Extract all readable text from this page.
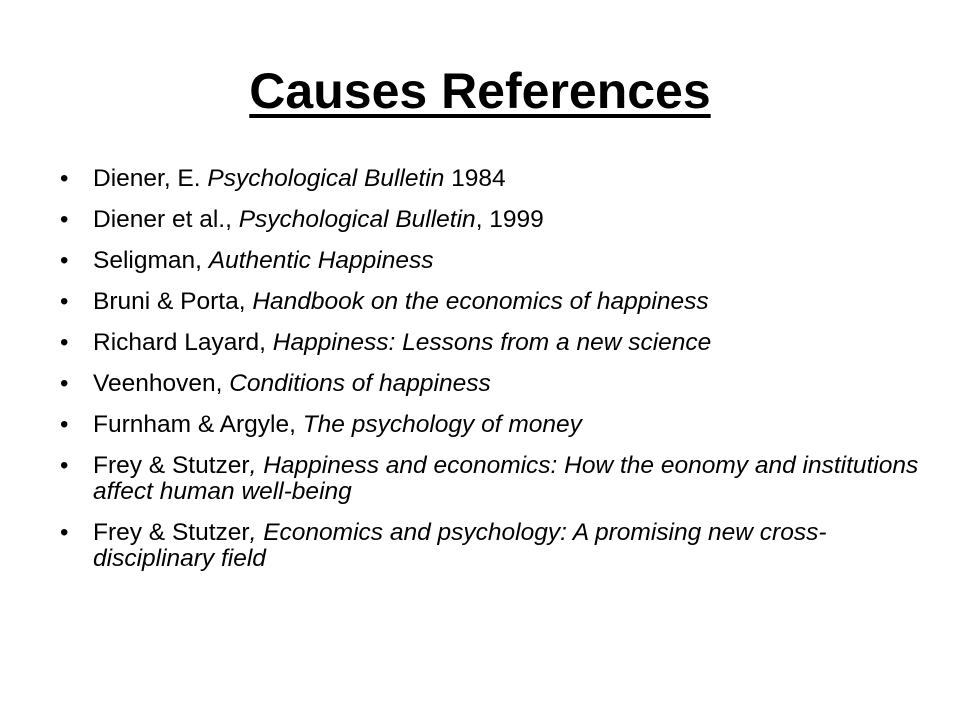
Causes References
• Diener, E. Psychological Bulletin 1984
• Diener et al., Psychological Bulletin, 1999
• Seligman, Authentic Happiness
• Bruni & Porta, Handbook on the economics of happiness
• Richard Layard, Happiness: Lessons from a new science
• Veenhoven, Conditions of happiness
• Furnham & Argyle, The psychology of money
• Frey & Stutzer, Happiness and economics: How the eonomy and institutions affect human well-being
• Frey & Stutzer, Economics and psychology: A promising new cross-disciplinary field
